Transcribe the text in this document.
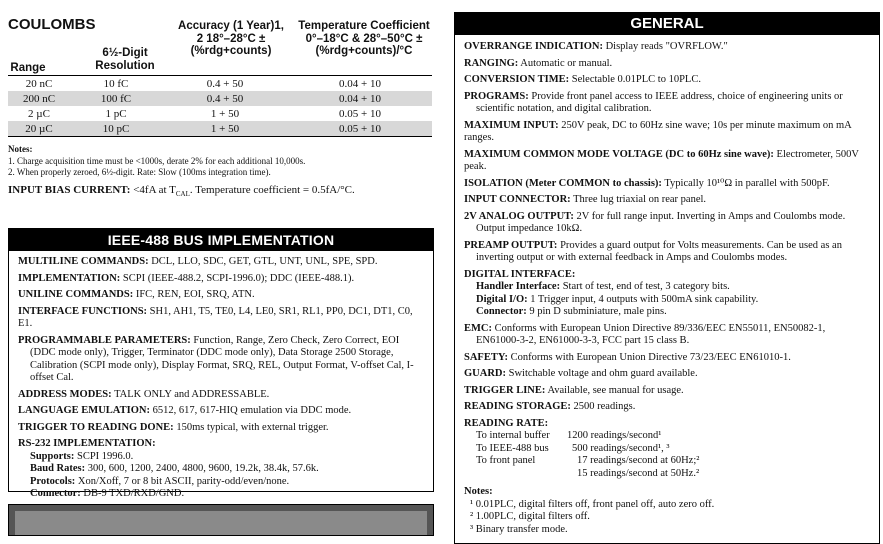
COULOMBS
Range
6½-Digit Resolution
Accuracy (1 Year)1, 2 18°–28°C ±(%rdg+counts)
Temperature Coefficient 0°–18°C & 28°–50°C ±(%rdg+counts)/°C
20 nC	10 fC	0.4 + 50	0.04 + 10
200 nC	100 fC	0.4 + 50	0.04 + 10
2 µC	1 pC	1 + 50	0.05 + 10
20 µC	10 pC	1 + 50	0.05 + 10
Notes:
1. Charge acquisition time must be <1000s, derate 2% for each additional 10,000s.
2. When properly zeroed, 6½-digit. Rate: Slow (100ms integration time).
INPUT BIAS CURRENT: <4fA at $T_{CAL}$. Temperature coefficient = 0.5fA/°C.
IEEE-488 BUS IMPLEMENTATION

MULTILINE COMMANDS: DCL, LLO, SDC, GET, GTL, UNT, UNL, SPE, SPD.

IMPLEMENTATION: SCPI (IEEE-488.2, SCPI-1996.0); DDC (IEEE-488.1).

UNILINE COMMANDS: IFC, REN, EOI, SRQ, ATN.

INTERFACE FUNCTIONS: SH1, AH1, T5, TE0, L4, LE0, SR1, RL1, PP0, DC1, DT1, C0, E1.

PROGRAMMABLE PARAMETERS: Function, Range, Zero Check, Zero Correct, EOI (DDC mode only), Trigger, Terminator (DDC mode only), Data Storage 2500 Storage, Calibration (SCPI mode only), Display Format, SRQ, REL, Output Format, V-offset Cal, I-offset Cal.

ADDRESS MODES: TALK ONLY and ADDRESSABLE.

LANGUAGE EMULATION: 6512, 617, 617-HIQ emulation via DDC mode.

TRIGGER TO READING DONE: 150ms typical, with external trigger.

RS-232 IMPLEMENTATION:

Supports: SCPI 1996.0.

Baud Rates: 300, 600, 1200, 2400, 4800, 9600, 19.2k, 38.4k, 57.6k.

Protocols: Xon/Xoff, 7 or 8 bit ASCII, parity-odd/even/none.

Connector: DB-9 TXD/RXD/GND.

GENERAL

OVERRANGE INDICATION: Display reads "OVRFLOW."

RANGING: Automatic or manual.

CONVERSION TIME: Selectable 0.01PLC to 10PLC.

PROGRAMS: Provide front panel access to IEEE address, choice of engineering units or scientific notation, and digital calibration.

MAXIMUM INPUT: 250V peak, DC to 60Hz sine wave; 10s per minute maximum on mA ranges.

MAXIMUM COMMON MODE VOLTAGE (DC to 60Hz sine wave): Electrometer, 500V peak.

ISOLATION (Meter COMMON to chassis): Typically 10¹⁰Ω in parallel with 500pF.

INPUT CONNECTOR: Three lug triaxial on rear panel.

2V ANALOG OUTPUT: 2V for full range input. Inverting in Amps and Coulombs mode. Output impedance 10kΩ.

PREAMP OUTPUT: Provides a guard output for Volts measurements. Can be used as an inverting output or with external feedback in Amps and Coulombs modes.

DIGITAL INTERFACE:

Handler Interface: Start of test, end of test, 3 category bits.

Digital I/O: 1 Trigger input, 4 outputs with 500mA sink capability.

Connector: 9 pin D subminiature, male pins.

EMC: Conforms with European Union Directive 89/336/EEC EN55011, EN50082-1, EN61000-3-2, EN61000-3-3, FCC part 15 class B.

SAFETY: Conforms with European Union Directive 73/23/EEC EN61010-1.

GUARD: Switchable voltage and ohm guard available.

TRIGGER LINE: Available, see manual for usage.

READING STORAGE: 2500 readings.

READING RATE:

To internal buffer	1200 readings/second¹
To IEEE-488 bus	500 readings/second¹, ³
To front panel	17 readings/second at 60Hz;²
15 readings/second at 50Hz.²
Notes:
¹ 0.01PLC, digital filters off, front panel off, auto zero off.
² 1.00PLC, digital filters off.
³ Binary transfer mode.
